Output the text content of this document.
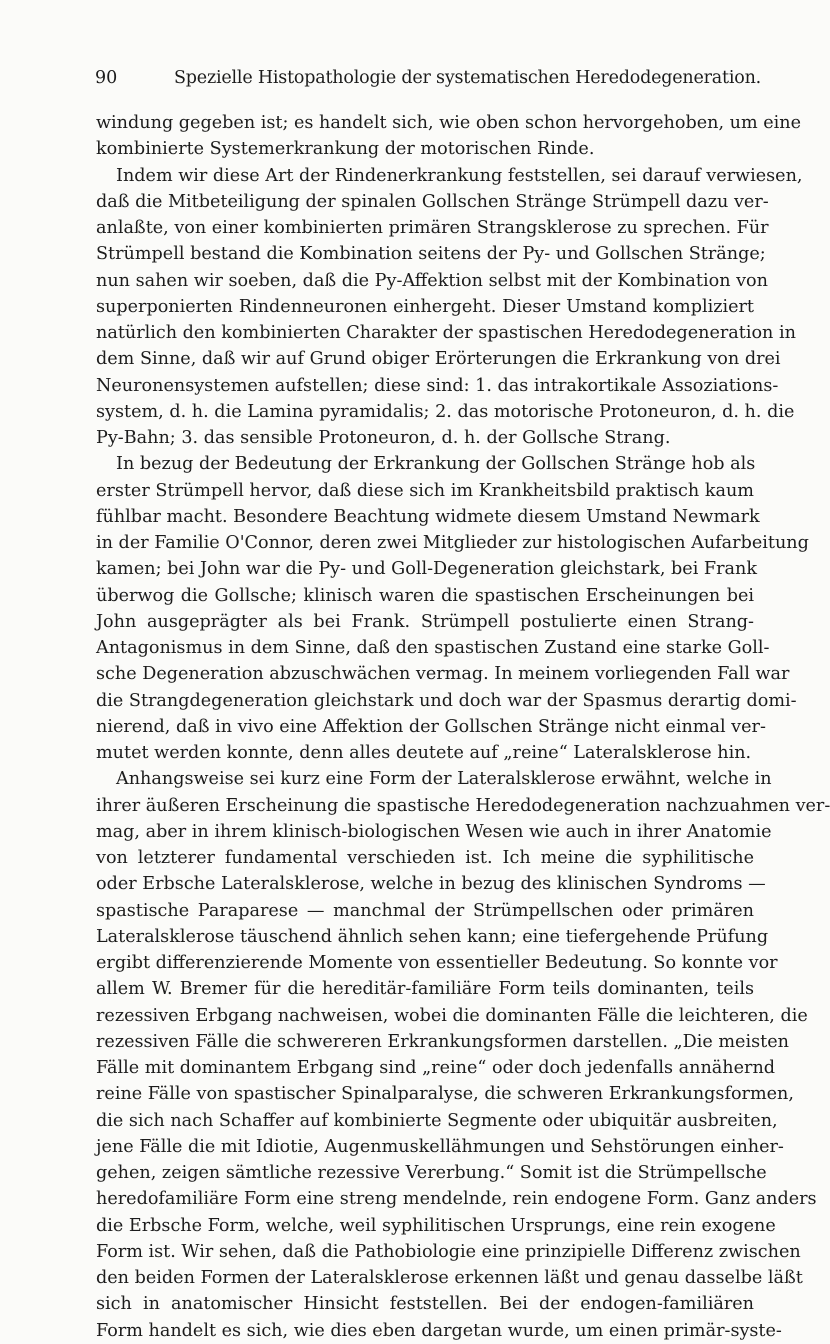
90	Spezielle Histopathologie der systematischen Heredodegeneration.
windung gegeben ist; es handelt sich, wie oben schon hervorgehoben, um eine
kombinierte Systemerkrankung der motorischen Rinde.
Indem wir diese Art der Rindenerkrankung feststellen, sei darauf verwiesen,
daß die Mitbeteiligung der spinalen Gollschen Stränge Strümpell dazu ver-
anlaßte, von einer kombinierten primären Strangsklerose zu sprechen. Für
Strümpell bestand die Kombination seitens der Py- und Gollschen Stränge;
nun sahen wir soeben, daß die Py-Affektion selbst mit der Kombination von
superponierten Rindenneuronen einhergeht. Dieser Umstand kompliziert
natürlich den kombinierten Charakter der spastischen Heredodegeneration in
dem Sinne, daß wir auf Grund obiger Erörterungen die Erkrankung von drei
Neuronensystemen aufstellen; diese sind: 1. das intrakortikale Assoziations-
system, d. h. die Lamina pyramidalis; 2. das motorische Protoneuron, d. h. die
Py-Bahn; 3. das sensible Protoneuron, d. h. der Gollsche Strang.
In bezug der Bedeutung der Erkrankung der Gollschen Stränge hob als
erster Strümpell hervor, daß diese sich im Krankheitsbild praktisch kaum
fühlbar macht. Besondere Beachtung widmete diesem Umstand Newmark
in der Familie O'Connor, deren zwei Mitglieder zur histologischen Aufarbeitung
kamen; bei John war die Py- und Goll-Degeneration gleichstark, bei Frank
überwog die Gollsche; klinisch waren die spastischen Erscheinungen bei
John ausgeprägter als bei Frank. Strümpell postulierte einen Strang-
Antagonismus in dem Sinne, daß den spastischen Zustand eine starke Goll-
sche Degeneration abzuschwächen vermag. In meinem vorliegenden Fall war
die Strangdegeneration gleichstark und doch war der Spasmus derartig domi-
nierend, daß in vivo eine Affektion der Gollschen Stränge nicht einmal ver-
mutet werden konnte, denn alles deutete auf „reine“ Lateralsklerose hin.
Anhangsweise sei kurz eine Form der Lateralsklerose erwähnt, welche in
ihrer äußeren Erscheinung die spastische Heredodegeneration nachzuahmen ver-
mag, aber in ihrem klinisch-biologischen Wesen wie auch in ihrer Anatomie
von letzterer fundamental verschieden ist. Ich meine die syphilitische
oder Erbsche Lateralsklerose, welche in bezug des klinischen Syndroms —
spastische Paraparese — manchmal der Strümpellschen oder primären
Lateralsklerose täuschend ähnlich sehen kann; eine tiefergehende Prüfung
ergibt differenzierende Momente von essentieller Bedeutung. So konnte vor
allem W. Bremer für die hereditär-familiäre Form teils dominanten, teils
rezessiven Erbgang nachweisen, wobei die dominanten Fälle die leichteren, die
rezessiven Fälle die schwereren Erkrankungsformen darstellen. „Die meisten
Fälle mit dominantem Erbgang sind „reine“ oder doch jedenfalls annähernd
reine Fälle von spastischer Spinalparalyse, die schweren Erkrankungsformen,
die sich nach Schaffer auf kombinierte Segmente oder ubiquitär ausbreiten,
jene Fälle die mit Idiotie, Augenmuskellähmungen und Sehstörungen einher-
gehen, zeigen sämtliche rezessive Vererbung.“ Somit ist die Strümpellsche
heredofamiliäre Form eine streng mendelnde, rein endogene Form. Ganz anders
die Erbsche Form, welche, weil syphilitischen Ursprungs, eine rein exogene
Form ist. Wir sehen, daß die Pathobiologie eine prinzipielle Differenz zwischen
den beiden Formen der Lateralsklerose erkennen läßt und genau dasselbe läßt
sich in anatomischer Hinsicht feststellen. Bei der endogen-familiären
Form handelt es sich, wie dies eben dargetan wurde, um einen primär-syste-
